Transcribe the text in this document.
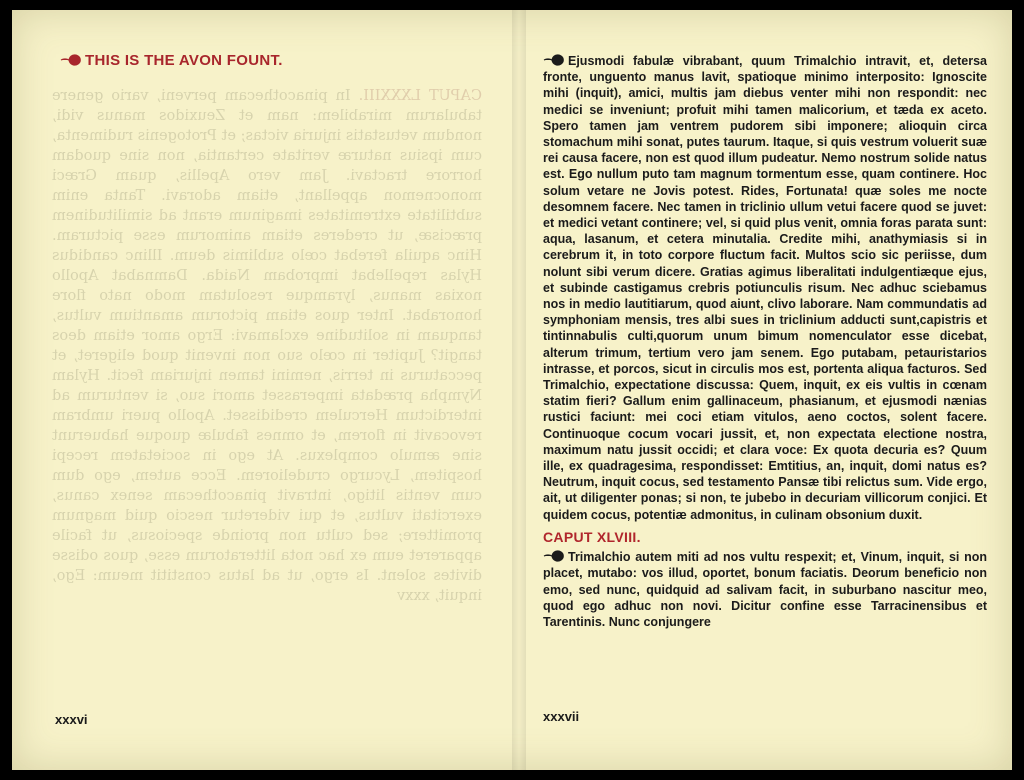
CAPUT LXXXIII. In pinacothecam perveni, vario genere tabularum mirabilem: nam et Zeuxidos manus vidi, nondum vetustatis injuria victas; et Protogenis rudimenta, cum ipsius naturæ veritate certantia, non sine quodam horrore tractavi. Jam vero Apellis, quam Græci monocnemon appellant, etiam adoravi. Tanta enim subtilitate extremitates imaginum erant ad similitudinem præcisæ, ut crederes etiam animorum esse picturam. Hinc aquila ferebat cœlo sublimis deum. Illinc candidus Hylas repellebat improbam Naida. Damnabat Apollo noxias manus, lyramque resolutam modo nato flore honorabat. Inter quos etiam pictorum amantium vultus, tanquam in solitudine exclamavi: Ergo amor etiam deos tangit? Jupiter in cœlo suo non invenit quod eligeret, et peccaturus in terris, nemini tamen injuriam fecit. Hylam Nympha prædata imperasset amori suo, si venturum ad interdictum Herculem credidisset. Apollo pueri umbram revocavit in florem, et omnes fabulæ quoque habuerunt sine æmulo complexus. At ego in societatem recepi hospitem, Lycurgo crudeliorem. Ecce autem, ego dum cum ventis litigo, intravit pinacothecam senex canus, exercitati vultus, et qui videretur nescio quid magnum promittere; sed cultu non proinde speciosus, ut facile appareret eum ex hac nota litteratorum esse, quos odisse divites solent. Is ergo, ut ad latus constitit meum: Ego, inquit, xxxv
THIS IS THE AVON FOUNT.
xxxvi

Ejusmodi fabulæ vibrabant, quum Trimalchio intravit, et, detersa fronte, unguento manus lavit, spatioque minimo interposito: Ignoscite mihi (inquit), amici, multis jam diebus venter mihi non respondit: nec medici se inveniunt; profuit mihi tamen malicorium, et tæda ex aceto. Spero tamen jam ventrem pudorem sibi imponere; alioquin circa stomachum mihi sonat, putes taurum. Itaque, si quis vestrum voluerit suæ rei causa facere, non est quod illum pudeatur. Nemo nostrum solide natus est. Ego nullum puto tam magnum tormentum esse, quam continere. Hoc solum vetare ne Jovis potest. Rides, Fortunata! quæ soles me nocte desomnem facere. Nec tamen in triclinio ullum vetui facere quod se juvet: et medici vetant continere; vel, si quid plus venit, omnia foras parata sunt: aqua, lasanum, et cetera minutalia. Credite mihi, anathymiasis si in cerebrum it, in toto corpore fluctum facit. Multos scio sic periisse, dum nolunt sibi verum dicere. Gratias agimus liberalitati indulgentiæque ejus, et subinde castigamus crebris potiunculis risum. Nec adhuc sciebamus nos in medio lautitiarum, quod aiunt, clivo laborare. Nam commundatis ad symphoniam mensis, tres albi sues in triclinium adducti sunt,capistris et tintinnabulis culti,quorum unum bimum nomenculator esse dicebat, alterum trimum, tertium vero jam senem. Ego putabam, petauristarios intrasse, et porcos, sicut in circulis mos est, portenta aliqua facturos. Sed Trimalchio, expectatione discussa: Quem, inquit, ex eis vultis in cœnam statim fieri? Gallum enim gallinaceum, phasianum, et ejusmodi nænias rustici faciunt: mei coci etiam vitulos, aeno coctos, solent facere. Continuoque cocum vocari jussit, et, non expectata electione nostra, maximum natu jussit occidi; et clara voce: Ex quota decuria es? Quum ille, ex quadragesima, respondisset: Emtitius, an, inquit, domi natus es? Neutrum, inquit cocus, sed testamento Pansæ tibi relictus sum. Vide ergo, ait, ut diligenter ponas; si non, te jubebo in decuriam villicorum conjici. Et quidem cocus, potentiæ admonitus, in culinam obsonium duxit.

CAPUT XLVIII.

Trimalchio autem miti ad nos vultu respexit; et, Vinum, inquit, si non placet, mutabo: vos illud, oportet, bonum faciatis. Deorum beneficio non emo, sed nunc, quidquid ad salivam facit, in suburbano nascitur meo, quod ego adhuc non novi. Dicitur confine esse Tarracinensibus et Tarentinis. Nunc conjungere

xxxvii
